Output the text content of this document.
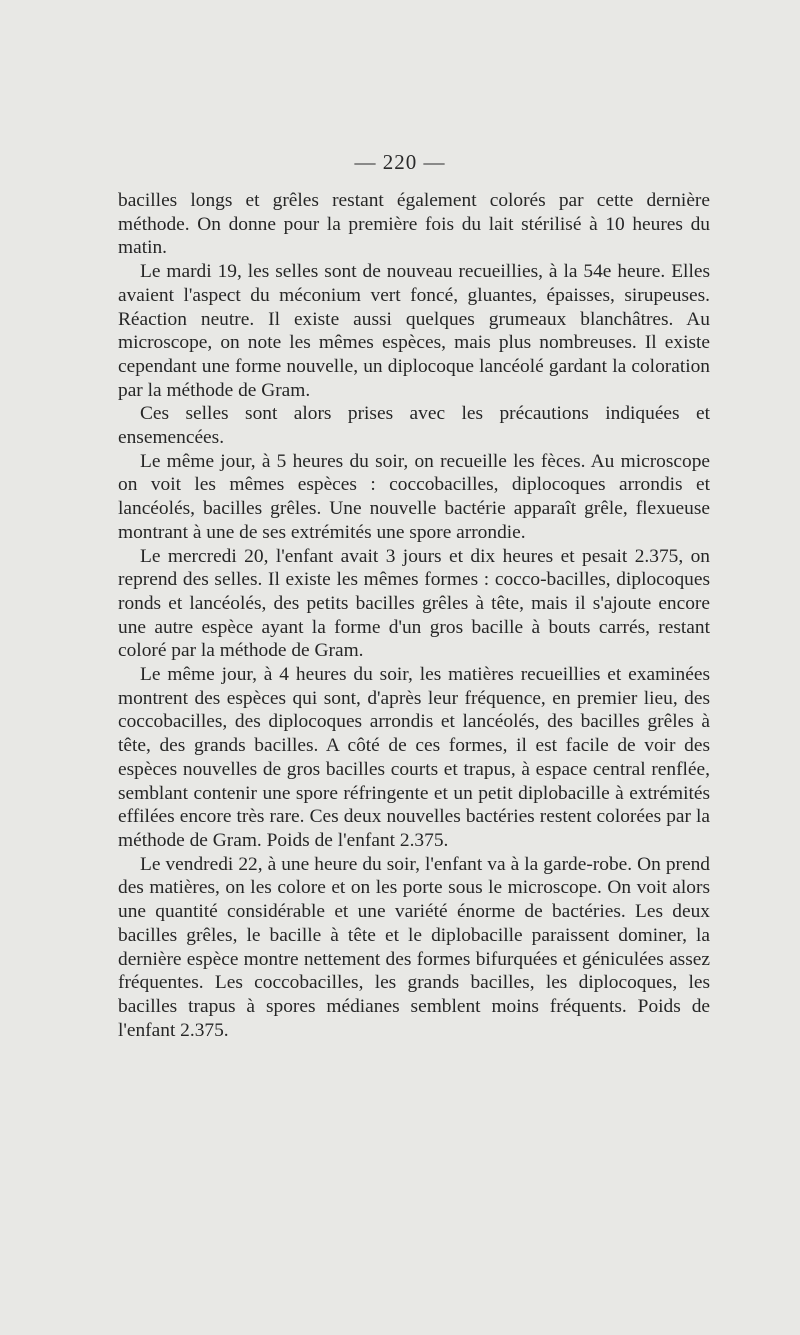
— 220 —

bacilles longs et grêles restant également colorés par cette dernière méthode. On donne pour la première fois du lait stérilisé à 10 heures du matin.

Le mardi 19, les selles sont de nouveau recueillies, à la 54e heure. Elles avaient l'aspect du méconium vert foncé, gluantes, épaisses, sirupeuses. Réaction neutre. Il existe aussi quelques grumeaux blanchâtres. Au microscope, on note les mêmes espèces, mais plus nombreuses. Il existe cependant une forme nouvelle, un diplocoque lancéolé gardant la coloration par la méthode de Gram.

Ces selles sont alors prises avec les précautions indiquées et ensemencées.

Le même jour, à 5 heures du soir, on recueille les fèces. Au microscope on voit les mêmes espèces : coccobacilles, diplocoques arrondis et lancéolés, bacilles grêles. Une nouvelle bactérie apparaît grêle, flexueuse montrant à une de ses extrémités une spore arrondie.

Le mercredi 20, l'enfant avait 3 jours et dix heures et pesait 2.375, on reprend des selles. Il existe les mêmes formes : cocco-bacilles, diplocoques ronds et lancéolés, des petits bacilles grêles à tête, mais il s'ajoute encore une autre espèce ayant la forme d'un gros bacille à bouts carrés, restant coloré par la méthode de Gram.

Le même jour, à 4 heures du soir, les matières recueillies et examinées montrent des espèces qui sont, d'après leur fréquence, en premier lieu, des coccobacilles, des diplocoques arrondis et lancéolés, des bacilles grêles à tête, des grands bacilles. A côté de ces formes, il est facile de voir des espèces nouvelles de gros bacilles courts et trapus, à espace central renflée, semblant contenir une spore réfringente et un petit diplobacille à extrémités effilées encore très rare. Ces deux nouvelles bactéries restent colorées par la méthode de Gram. Poids de l'enfant 2.375.

Le vendredi 22, à une heure du soir, l'enfant va à la garde-robe. On prend des matières, on les colore et on les porte sous le microscope. On voit alors une quantité considérable et une variété énorme de bactéries. Les deux bacilles grêles, le bacille à tête et le diplobacille paraissent dominer, la dernière espèce montre nettement des formes bifurquées et géniculées assez fréquentes. Les coccobacilles, les grands bacilles, les diplocoques, les bacilles trapus à spores médianes semblent moins fréquents. Poids de l'enfant 2.375.
